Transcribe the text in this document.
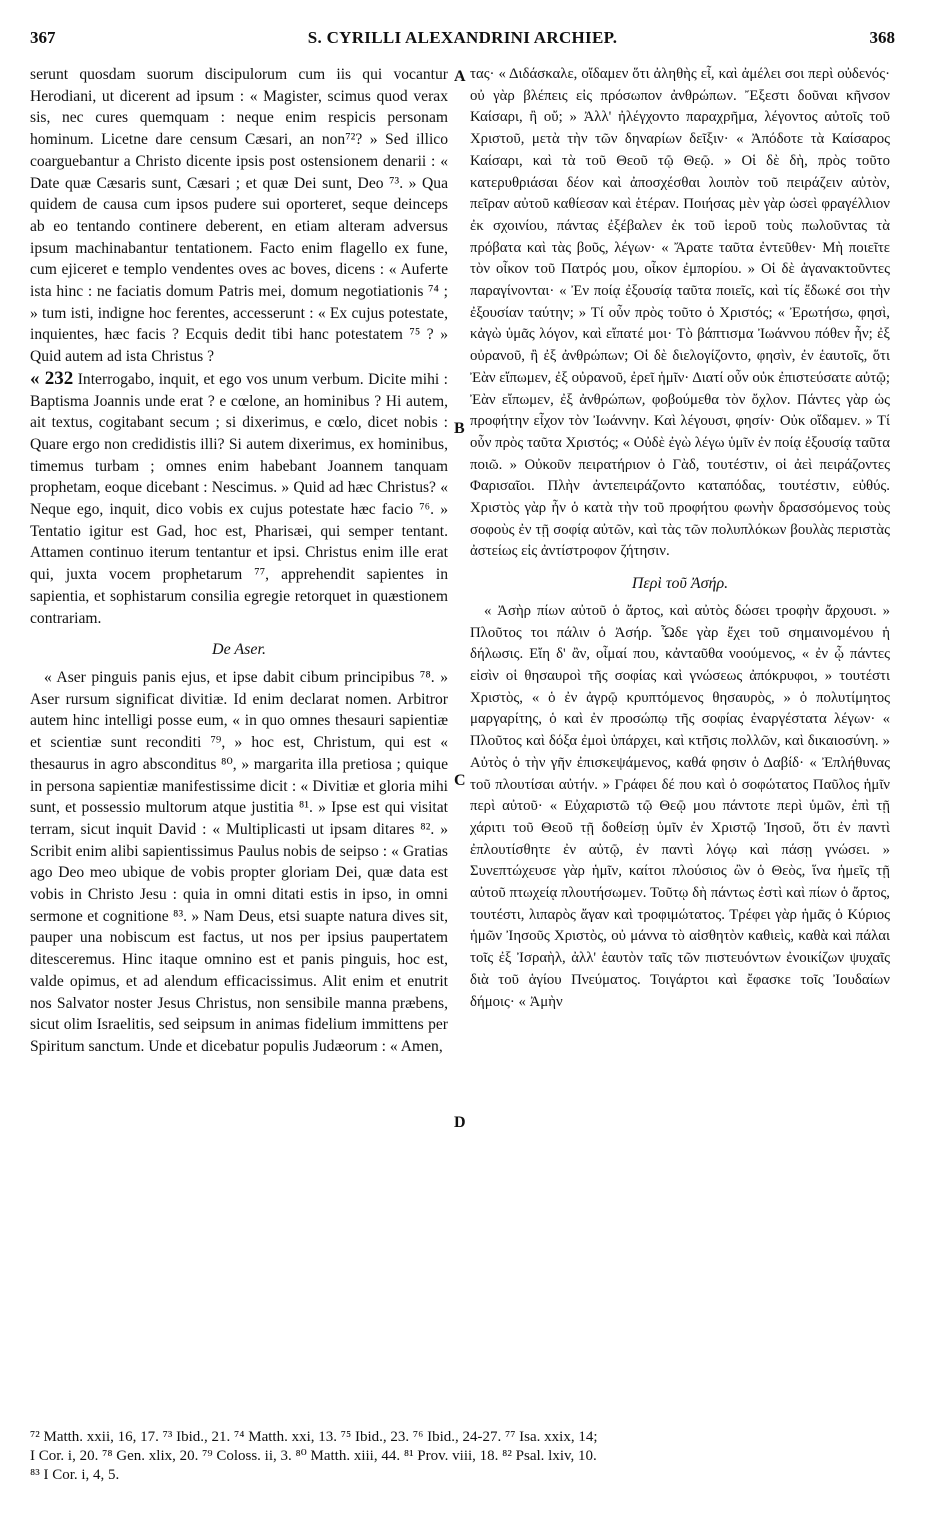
367	S. CYRILLI ALEXANDRINI ARCHIEP.	368
A
B
C
D

serunt quosdam suorum discipulorum cum iis qui vocantur Herodiani, ut dicerent ad ipsum : « Magister, scimus quod verax sis, nec cures quemquam : neque enim respicis personam hominum. Licetne dare censum Cæsari, an non⁷²? » Sed illico coarguebantur a Christo dicente ipsis post ostensionem denarii : « Date quæ Cæsaris sunt, Cæsari ; et quæ Dei sunt, Deo ⁷³. » Qua quidem de causa cum ipsos pudere sui oporteret, seque deinceps ab eo tentando continere deberent, en etiam alteram adversus ipsum machinabantur tentationem. Facto enim flagello ex fune, cum ejiceret e templo vendentes oves ac boves, dicens : « Auferte ista hinc : ne faciatis domum Patris mei, domum negotiationis ⁷⁴ ; » tum isti, indigne hoc ferentes, accesserunt : « Ex cujus potestate, inquientes, hæc facis ? Ecquis dedit tibi hanc potestatem ⁷⁵ ? » Quid autem ad ista Christus ?

« 232 Interrogabo, inquit, et ego vos unum verbum. Dicite mihi : Baptisma Joannis unde erat ? e cœlone, an hominibus ? Hi autem, ait textus, cogitabant secum ; si dixerimus, e cœlo, dicet nobis : Quare ergo non credidistis illi? Si autem dixerimus, ex hominibus, timemus turbam ; omnes enim habebant Joannem tanquam prophetam, eoque dicebant : Nescimus. » Quid ad hæc Christus? « Neque ego, inquit, dico vobis ex cujus potestate hæc facio ⁷⁶. » Tentatio igitur est Gad, hoc est, Pharisæi, qui semper tentant. Attamen continuo iterum tentantur et ipsi. Christus enim ille erat qui, juxta vocem prophetarum ⁷⁷, apprehendit sapientes in sapientia, et sophistarum consilia egregie retorquet in quæstionem contrariam.

De Aser.

« Aser pinguis panis ejus, et ipse dabit cibum principibus ⁷⁸. » Aser rursum significat divitiæ. Id enim declarat nomen. Arbitror autem hinc intelligi posse eum, « in quo omnes thesauri sapientiæ et scientiæ sunt reconditi ⁷⁹, » hoc est, Christum, qui est « thesaurus in agro absconditus ⁸⁰, » margarita illa pretiosa ; quique in persona sapientiæ manifestissime dicit : « Divitiæ et gloria mihi sunt, et possessio multorum atque justitia ⁸¹. » Ipse est qui visitat terram, sicut inquit David : « Multiplicasti ut ipsam ditares ⁸². » Scribit enim alibi sapientissimus Paulus nobis de seipso : « Gratias ago Deo meo ubique de vobis propter gloriam Dei, quæ data est vobis in Christo Jesu : quia in omni ditati estis in ipso, in omni sermone et cognitione ⁸³. » Nam Deus, etsi suapte natura dives sit, pauper una nobiscum est factus, ut nos per ipsius paupertatem ditesceremus. Hinc itaque omnino est et panis pinguis, hoc est, valde opimus, et ad alendum efficacissimus. Alit enim et enutrit nos Salvator noster Jesus Christus, non sensibile manna præbens, sicut olim Israelitis, sed seipsum in animas fidelium immittens per Spiritum sanctum. Unde et dicebatur populis Judæorum : « Amen,

τας· « Διδάσκαλε, οἴδαμεν ὅτι ἀληθὴς εἶ, καὶ ἀμέλει σοι περὶ οὐδενός· οὐ γὰρ βλέπεις εἰς πρόσωπον ἀνθρώπων. Ἔξεστι δοῦναι κῆνσον Καίσαρι, ἢ οὔ; » Ἀλλ' ἠλέγχοντο παραχρῆμα, λέγοντος αὐτοῖς τοῦ Χριστοῦ, μετὰ τὴν τῶν δηναρίων δεῖξιν· « Ἀπόδοτε τὰ Καίσαρος Καίσαρι, καὶ τὰ τοῦ Θεοῦ τῷ Θεῷ. » Οἱ δὲ δὴ, πρὸς τοῦτο κατερυθριάσαι δέον καὶ ἀποσχέσθαι λοιπὸν τοῦ πειράζειν αὐτὸν, πεῖραν αὐτοῦ καθίεσαν καὶ ἑτέραν. Ποιήσας μὲν γὰρ ὡσεὶ φραγέλλιον ἐκ σχοινίου, πάντας ἐξέβαλεν ἐκ τοῦ ἱεροῦ τοὺς πωλοῦντας τὰ πρόβατα καὶ τὰς βοῦς, λέγων· « Ἄρατε ταῦτα ἐντεῦθεν· Μὴ ποιεῖτε τὸν οἶκον τοῦ Πατρός μου, οἶκον ἐμπορίου. » Οἱ δὲ ἀγανακτοῦντες παραγίνονται· « Ἐν ποίᾳ ἐξουσίᾳ ταῦτα ποιεῖς, καὶ τίς ἔδωκέ σοι τὴν ἐξουσίαν ταύτην; » Τί οὖν πρὸς τοῦτο ὁ Χριστός; « Ἐρωτήσω, φησὶ, κἀγὼ ὑμᾶς λόγον, καὶ εἴπατέ μοι· Τὸ βάπτισμα Ἰωάννου πόθεν ἦν; ἐξ οὐρανοῦ, ἢ ἐξ ἀνθρώπων; Οἱ δὲ διελογίζοντο, φησὶν, ἐν ἑαυτοῖς, ὅτι Ἐὰν εἴπωμεν, ἐξ οὐρανοῦ, ἐρεῖ ἡμῖν· Διατί οὖν οὐκ ἐπιστεύσατε αὐτῷ; Ἐὰν εἴπωμεν, ἐξ ἀνθρώπων, φοβούμεθα τὸν ὄχλον. Πάντες γὰρ ὡς προφήτην εἶχον τὸν Ἰωάννην. Καὶ λέγουσι, φησίν· Οὐκ οἴδαμεν. » Τί οὖν πρὸς ταῦτα Χριστός; « Οὐδὲ ἐγὼ λέγω ὑμῖν ἐν ποίᾳ ἐξουσίᾳ ταῦτα ποιῶ. » Οὐκοῦν πειρατήριον ὁ Γὰδ, τουτέστιν, οἱ ἀεὶ πειράζοντες Φαρισαῖοι. Πλὴν ἀντεπειράζοντο καταπόδας, τουτέστιν, εὐθύς. Χριστὸς γὰρ ἦν ὁ κατὰ τὴν τοῦ προφήτου φωνὴν δρασσόμενος τοὺς σοφοὺς ἐν τῇ σοφίᾳ αὐτῶν, καὶ τὰς τῶν πολυπλόκων βουλὰς περιστὰς ἀστείως εἰς ἀντίστροφον ζήτησιν.

Περὶ τοῦ Ἀσήρ.

« Ἀσὴρ πίων αὐτοῦ ὁ ἄρτος, καὶ αὐτὸς δώσει τροφὴν ἄρχουσι. » Πλοῦτος τοι πάλιν ὁ Ἀσήρ. Ὧδε γὰρ ἔχει τοῦ σημαινομένου ἡ δήλωσις. Εἴη δ' ἂν, οἶμαί που, κἀνταῦθα νοούμενος, « ἐν ᾧ πάντες εἰσὶν οἱ θησαυροὶ τῆς σοφίας καὶ γνώσεως ἀπόκρυφοι, » τουτέστι Χριστὸς, « ὁ ἐν ἀγρῷ κρυπτόμενος θησαυρὸς, » ὁ πολυτίμητος μαργαρίτης, ὁ καὶ ἐν προσώπῳ τῆς σοφίας ἐναργέστατα λέγων· « Πλοῦτος καὶ δόξα ἐμοὶ ὑπάρχει, καὶ κτῆσις πολλῶν, καὶ δικαιοσύνη. » Αὐτὸς ὁ τὴν γῆν ἐπισκεψάμενος, καθά φησιν ὁ Δαβίδ· « Ἐπλήθυνας τοῦ πλουτίσαι αὐτήν. » Γράφει δέ που καὶ ὁ σοφώτατος Παῦλος ἡμῖν περὶ αὐτοῦ· « Εὐχαριστῶ τῷ Θεῷ μου πάντοτε περὶ ὑμῶν, ἐπὶ τῇ χάριτι τοῦ Θεοῦ τῇ δοθείσῃ ὑμῖν ἐν Χριστῷ Ἰησοῦ, ὅτι ἐν παντὶ ἐπλουτίσθητε ἐν αὐτῷ, ἐν παντὶ λόγῳ καὶ πάσῃ γνώσει. » Συνεπτώχευσε γὰρ ἡμῖν, καίτοι πλούσιος ὢν ὁ Θεὸς, ἵνα ἡμεῖς τῇ αὐτοῦ πτωχείᾳ πλουτήσωμεν. Τοῦτῳ δὴ πάντως ἐστὶ καὶ πίων ὁ ἄρτος, τουτέστι, λιπαρὸς ἄγαν καὶ τροφιμώτατος. Τρέφει γὰρ ἡμᾶς ὁ Κύριος ἡμῶν Ἰησοῦς Χριστὸς, οὐ μάννα τὸ αἰσθητὸν καθιεὶς, καθὰ καὶ πάλαι τοῖς ἐξ Ἰσραὴλ, ἀλλ' ἑαυτὸν ταῖς τῶν πιστευόντων ἐνοικίζων ψυχαῖς διὰ τοῦ ἁγίου Πνεύματος. Τοιγάρτοι καὶ ἔφασκε τοῖς Ἰουδαίων δήμοις· « Ἀμὴν

⁷² Matth. xxii, 16, 17. ⁷³ Ibid., 21. ⁷⁴ Matth. xxi, 13. ⁷⁵ Ibid., 23. ⁷⁶ Ibid., 24-27. ⁷⁷ Isa. xxix, 14;

I Cor. i, 20. ⁷⁸ Gen. xlix, 20. ⁷⁹ Coloss. ii, 3. ⁸⁰ Matth. xiii, 44. ⁸¹ Prov. viii, 18. ⁸² Psal. lxiv, 10.

⁸³ I Cor. i, 4, 5.
